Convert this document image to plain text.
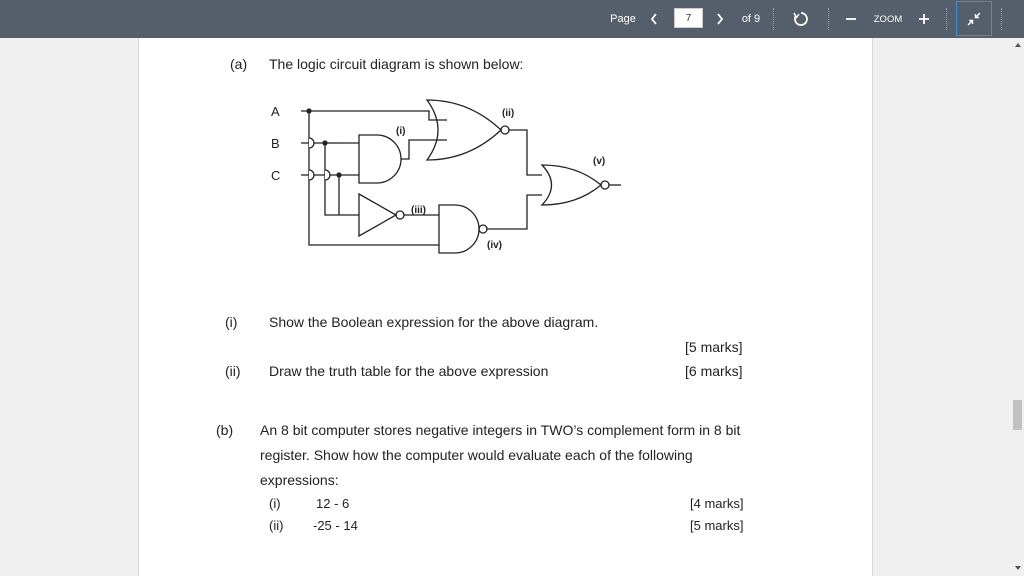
Page	7	of 9	ZOOM
(a) The logic circuit diagram is shown below:
A
B
C
(i)
(ii)
(iii)
(iv)
(v)
(i) Show the Boolean expression for the above diagram.
[5 marks]
(ii) Draw the truth table for the above expression	[6 marks]
(b) An 8 bit computer stores negative integers in TWO’s complement form in 8 bit
register. Show how the computer would evaluate each of the following
expressions:
(i)	12 - 6	[4 marks]
(ii) -25 - 14	[5 marks]
